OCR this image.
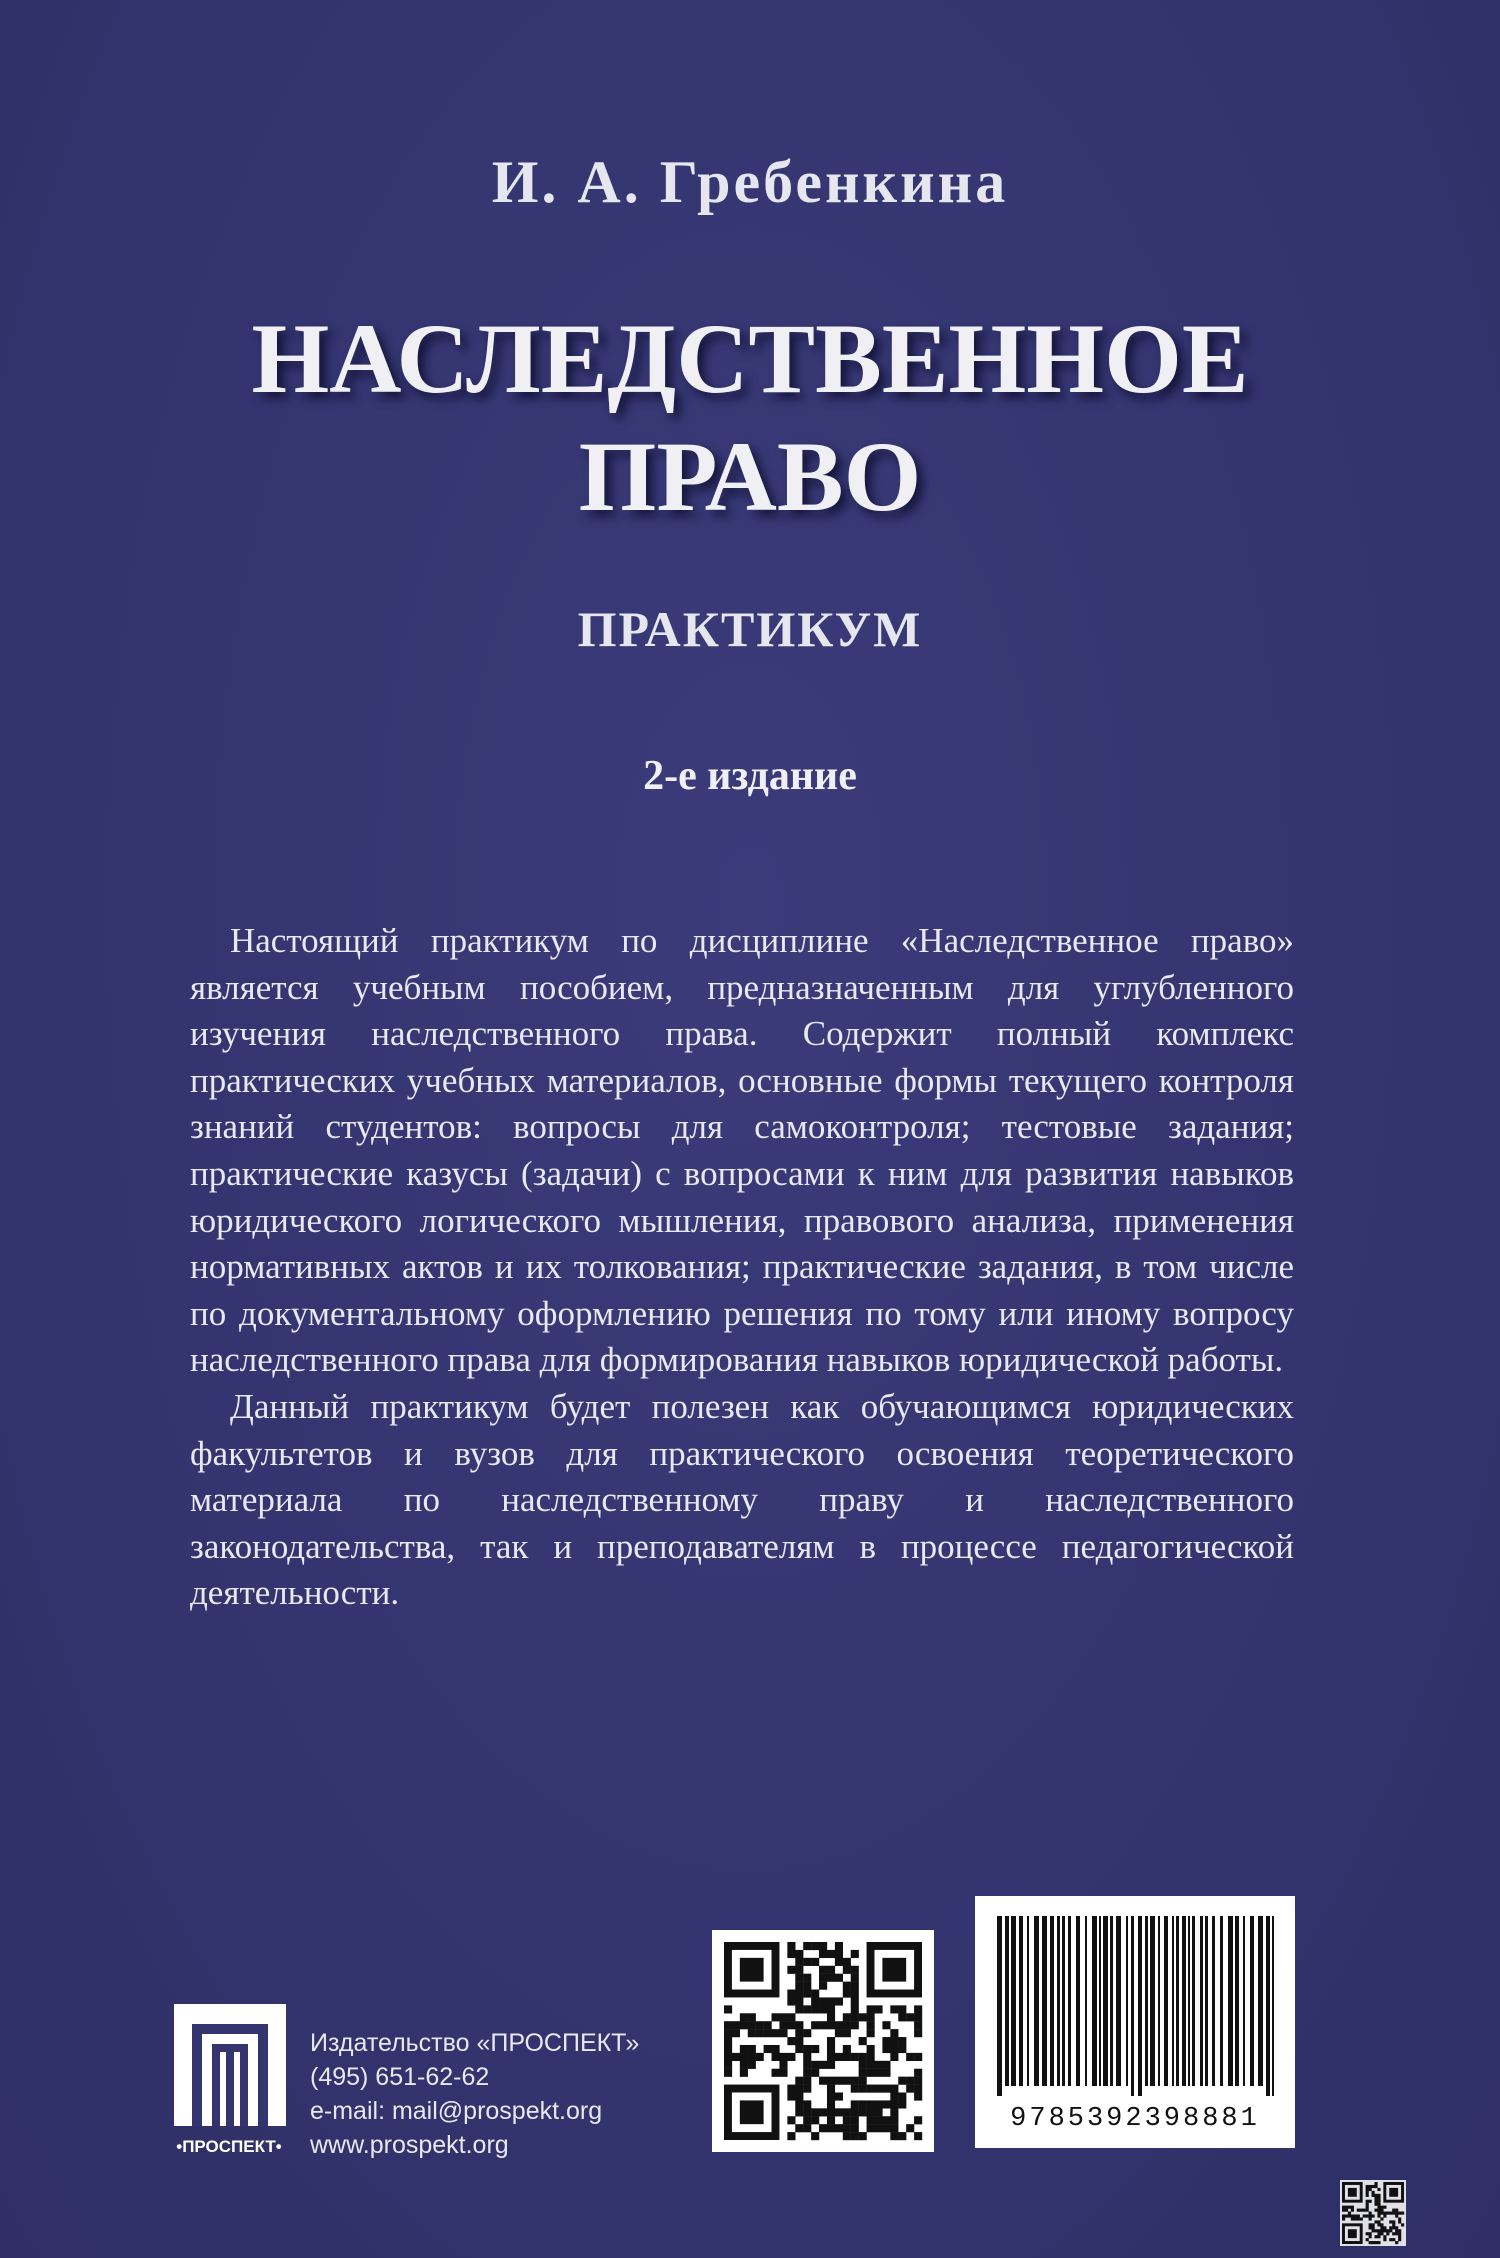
И. А. Гребенкина
НАСЛЕДСТВЕННОЕ
ПРАВО
ПРАКТИКУМ
2-е издание

Настоящий практикум по дисциплине «Наследственное право» является учебным пособием, предназначенным для углубленного изучения наследственного права. Содержит полный комплекс практических учебных материалов, основные формы текущего контроля знаний студентов: вопросы для самоконтроля; тестовые задания; практические казусы (задачи) с вопросами к ним для развития навыков юридического логического мышления, правового анализа, применения нормативных актов и их толкования; практические задания, в том числе по документальному оформлению решения по тому или иному вопросу наследственного права для формирования навыков юридической работы.

Данный практикум будет полезен как обучающимся юридических факультетов и вузов для практического освоения теоретического материала по наследственному праву и наследственного законодательства, так и преподавателям в процессе педагогической деятельности.

•ПРОСПЕКТ•
Издательство «ПРОСПЕКТ»
(495) 651-62-62
e-mail: mail@prospekt.org
www.prospekt.org
9785392398881
